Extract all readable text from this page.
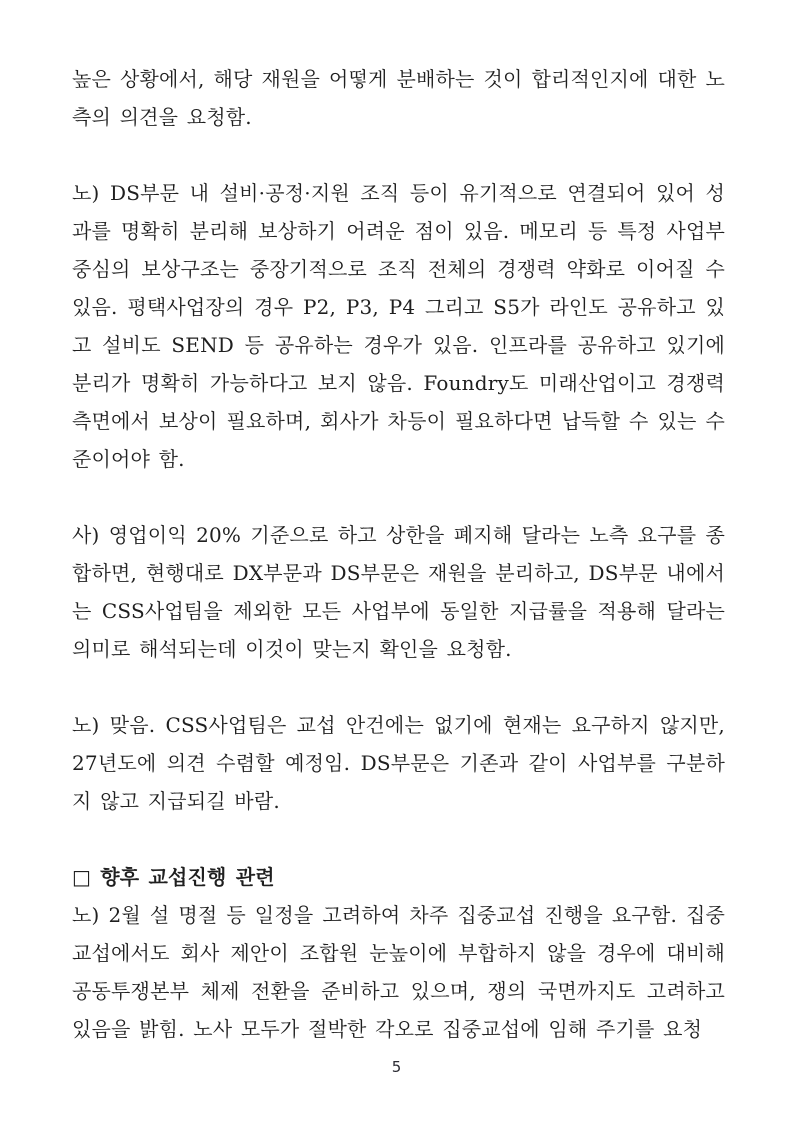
높은 상황에서, 해당 재원을 어떻게 분배하는 것이 합리적인지에 대한 노측의 의견을 요청함.

노) DS부문 내 설비·공정·지원 조직 등이 유기적으로 연결되어 있어 성과를 명확히 분리해 보상하기 어려운 점이 있음. 메모리 등 특정 사업부 중심의 보상구조는 중장기적으로 조직 전체의 경쟁력 약화로 이어질 수 있음. 평택사업장의 경우 P2, P3, P4 그리고 S5가 라인도 공유하고 있고 설비도 SEND 등 공유하는 경우가 있음. 인프라를 공유하고 있기에 분리가 명확히 가능하다고 보지 않음. Foundry도 미래산업이고 경쟁력 측면에서 보상이 필요하며, 회사가 차등이 필요하다면 납득할 수 있는 수준이어야 함.

사) 영업이익 20% 기준으로 하고 상한을 폐지해 달라는 노측 요구를 종합하면, 현행대로 DX부문과 DS부문은 재원을 분리하고, DS부문 내에서는 CSS사업팀을 제외한 모든 사업부에 동일한 지급률을 적용해 달라는 의미로 해석되는데 이것이 맞는지 확인을 요청함.

노) 맞음. CSS사업팀은 교섭 안건에는 없기에 현재는 요구하지 않지만, 27년도에 의견 수렴할 예정임. DS부문은 기존과 같이 사업부를 구분하지 않고 지급되길 바람.

□ 향후 교섭진행 관련

노) 2월 설 명절 등 일정을 고려하여 차주 집중교섭 진행을 요구함. 집중교섭에서도 회사 제안이 조합원 눈높이에 부합하지 않을 경우에 대비해 공동투쟁본부 체제 전환을 준비하고 있으며, 쟁의 국면까지도 고려하고 있음을 밝힘. 노사 모두가 절박한 각오로 집중교섭에 임해 주기를 요청

5
